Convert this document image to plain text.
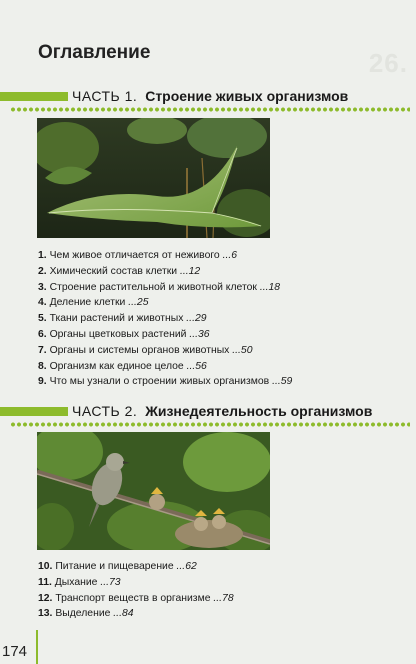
26.
Оглавление
ЧАСТЬ 1. Строение живых организмов
1. Чем живое отличается от неживого ...6
2. Химический состав клетки ...12
3. Строение растительной и животной клеток ...18
4. Деление клетки ...25
5. Ткани растений и животных ...29
6. Органы цветковых растений ...36
7. Органы и системы органов животных ...50
8. Организм как единое целое ...56
9. Что мы узнали о строении живых организмов ...59
ЧАСТЬ 2. Жизнедеятельность организмов
10. Питание и пищеварение ...62
11. Дыхание ...73
12. Транспорт веществ в организме ...78
13. Выделение ...84
174
